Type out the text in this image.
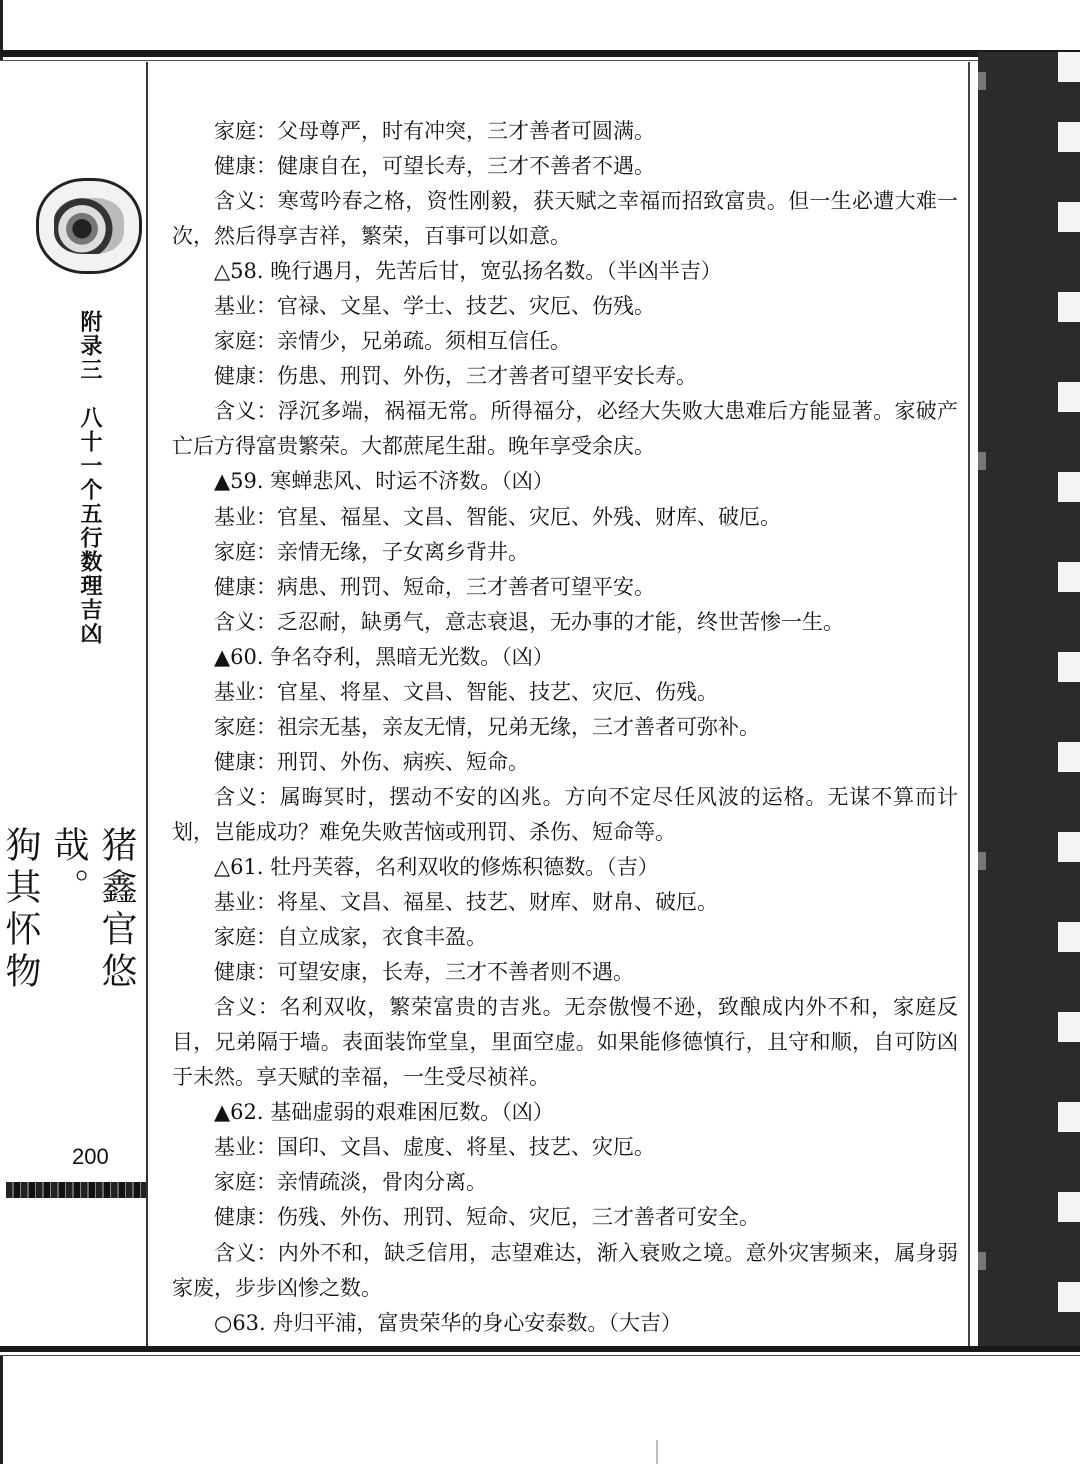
附录三　八十一个五行数理吉凶
猪鑫官悠哉。
狗其怀物
200

家庭：父母尊严，时有冲突，三才善者可圆满。

健康：健康自在，可望长寿，三才不善者不遇。

含义：寒莺吟春之格，资性刚毅，获天赋之幸福而招致富贵。但一生必遭大难一次，然后得享吉祥，繁荣，百事可以如意。

△58. 晚行遇月，先苦后甘，宽弘扬名数。（半凶半吉）

基业：官禄、文星、学士、技艺、灾厄、伤残。

家庭：亲情少，兄弟疏。须相互信任。

健康：伤患、刑罚、外伤，三才善者可望平安长寿。

含义：浮沉多端，祸福无常。所得福分，必经大失败大患难后方能显著。家破产亡后方得富贵繁荣。大都蔗尾生甜。晚年享受余庆。

▲59. 寒蝉悲风、时运不济数。（凶）

基业：官星、福星、文昌、智能、灾厄、外残、财库、破厄。

家庭：亲情无缘，子女离乡背井。

健康：病患、刑罚、短命，三才善者可望平安。

含义：乏忍耐，缺勇气，意志衰退，无办事的才能，终世苦惨一生。

▲60. 争名夺利，黑暗无光数。（凶）

基业：官星、将星、文昌、智能、技艺、灾厄、伤残。

家庭：祖宗无基，亲友无情，兄弟无缘，三才善者可弥补。

健康：刑罚、外伤、病疾、短命。

含义：属晦冥时，摆动不安的凶兆。方向不定尽任风波的运格。无谋不算而计划，岂能成功？难免失败苦恼或刑罚、杀伤、短命等。

△61. 牡丹芙蓉，名利双收的修炼积德数。（吉）

基业：将星、文昌、福星、技艺、财库、财帛、破厄。

家庭：自立成家，衣食丰盈。

健康：可望安康，长寿，三才不善者则不遇。

含义：名利双收，繁荣富贵的吉兆。无奈傲慢不逊，致酿成内外不和，家庭反目，兄弟隔于墙。表面装饰堂皇，里面空虚。如果能修德慎行，且守和顺，自可防凶于未然。享天赋的幸福，一生受尽祯祥。

▲62. 基础虚弱的艰难困厄数。（凶）

基业：国印、文昌、虚度、将星、技艺、灾厄。

家庭：亲情疏淡，骨肉分离。

健康：伤残、外伤、刑罚、短命、灾厄，三才善者可安全。

含义：内外不和，缺乏信用，志望难达，渐入衰败之境。意外灾害频来，属身弱家废，步步凶惨之数。

○63. 舟归平浦，富贵荣华的身心安泰数。（大吉）
